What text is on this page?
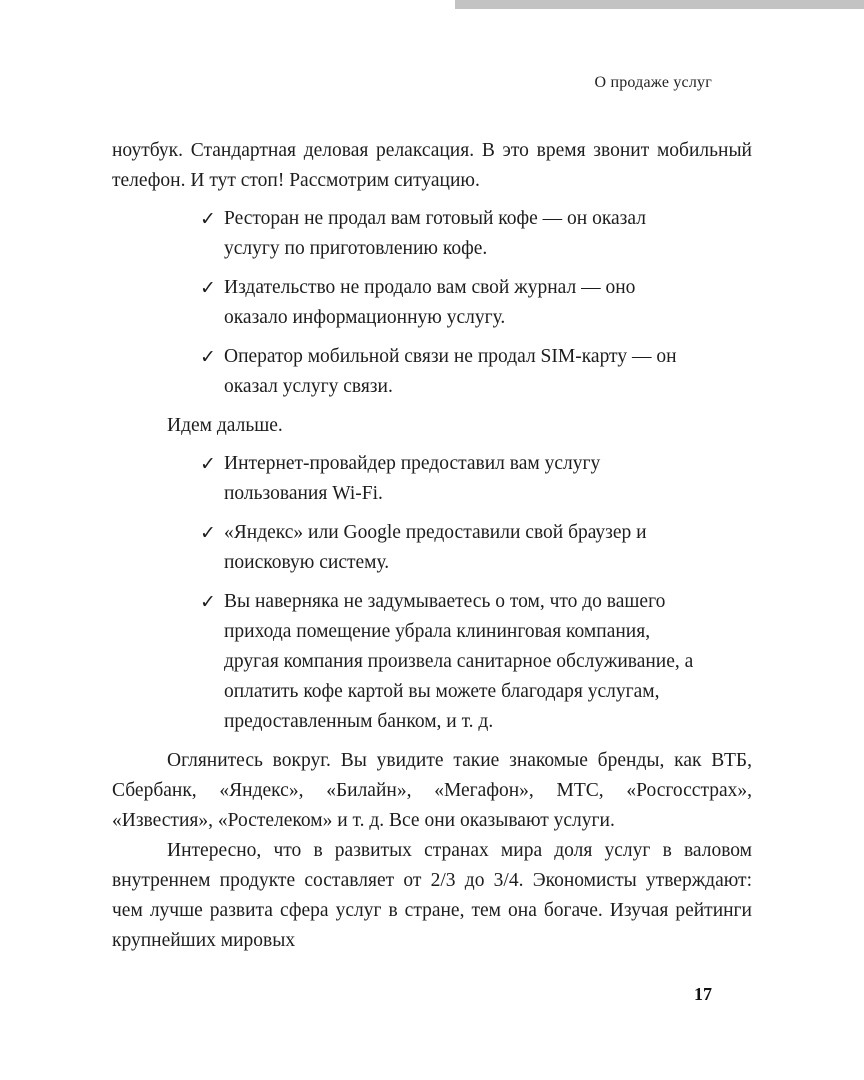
О продаже услуг

ноутбук. Стандартная деловая релаксация. В это время звонит мобильный телефон. И тут стоп! Рассмотрим ситуацию.

✓ Ресторан не продал вам готовый кофе — он оказал услугу по приготовлению кофе.
✓ Издательство не продало вам свой журнал — оно оказало информационную услугу.
✓ Оператор мобильной связи не продал SIM-карту — он оказал услугу связи.

Идем дальше.

✓ Интернет-провайдер предоставил вам услугу пользования Wi-Fi.
✓ «Яндекс» или Google предоставили свой браузер и поисковую систему.
✓ Вы наверняка не задумываетесь о том, что до вашего прихода помещение убрала клининговая компания, другая компания произвела санитарное обслуживание, а оплатить кофе картой вы можете благодаря услугам, предоставленным банком, и т. д.

Оглянитесь вокруг. Вы увидите такие знакомые бренды, как ВТБ, Сбербанк, «Яндекс», «Билайн», «Мегафон», МТС, «Росгосстрах», «Известия», «Ростелеком» и т. д. Все они оказывают услуги.

Интересно, что в развитых странах мира доля услуг в валовом внутреннем продукте составляет от 2/3 до 3/4. Экономисты утверждают: чем лучше развита сфера услуг в стране, тем она богаче. Изучая рейтинги крупнейших мировых

17
